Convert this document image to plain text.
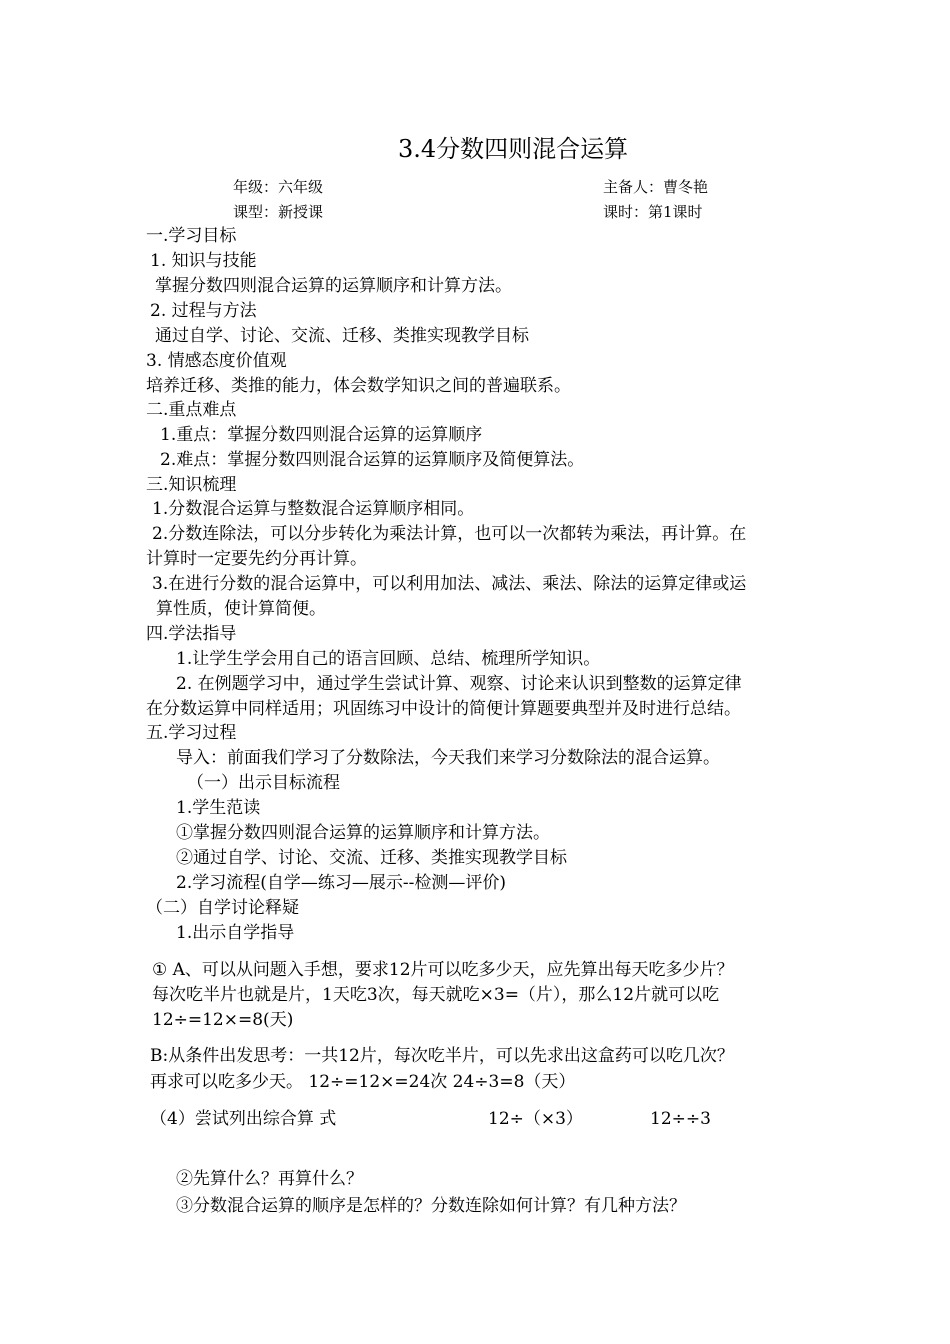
3.4分数四则混合运算
年级：六年级	主备人：曹冬艳
课型：新授课	课时：第1课时
一.学习目标
1. 知识与技能
掌握分数四则混合运算的运算顺序和计算方法。
2. 过程与方法
通过自学、讨论、交流、迁移、类推实现教学目标
3. 情感态度价值观
培养迁移、类推的能力，体会数学知识之间的普遍联系。
二.重点难点
1.重点：掌握分数四则混合运算的运算顺序
2.难点：掌握分数四则混合运算的运算顺序及简便算法。
三.知识梳理
1.分数混合运算与整数混合运算顺序相同。
2.分数连除法，可以分步转化为乘法计算，也可以一次都转为乘法，再计算。在
计算时一定要先约分再计算。
3.在进行分数的混合运算中，可以利用加法、减法、乘法、除法的运算定律或运
算性质，使计算简便。
四.学法指导
1.让学生学会用自己的语言回顾、总结、梳理所学知识。
2. 在例题学习中，通过学生尝试计算、观察、讨论来认识到整数的运算定律
在分数运算中同样适用；巩固练习中设计的简便计算题要典型并及时进行总结。
五.学习过程
导入：前面我们学习了分数除法，今天我们来学习分数除法的混合运算。
（一）出示目标流程
1.学生范读
①掌握分数四则混合运算的运算顺序和计算方法。
②通过自学、讨论、交流、迁移、类推实现教学目标
2.学习流程(自学—练习—展示--检测—评价)
（二）自学讨论释疑
1.出示自学指导
① A、可以从问题入手想，要求12片可以吃多少天，应先算出每天吃多少片？
每次吃半片也就是片，1天吃3次，每天就吃×3=（片），那么12片就可以吃
12÷=12×=8(天)
B:从条件出发思考：一共12片，每次吃半片，可以先求出这盒药可以吃几次？
再求可以吃多少天。 12÷=12×=24次 24÷3=8（天）
（4）尝试列出综合算 式	12÷（×3）	12÷÷3
②先算什么？再算什么？
③分数混合运算的顺序是怎样的？分数连除如何计算？有几种方法？
